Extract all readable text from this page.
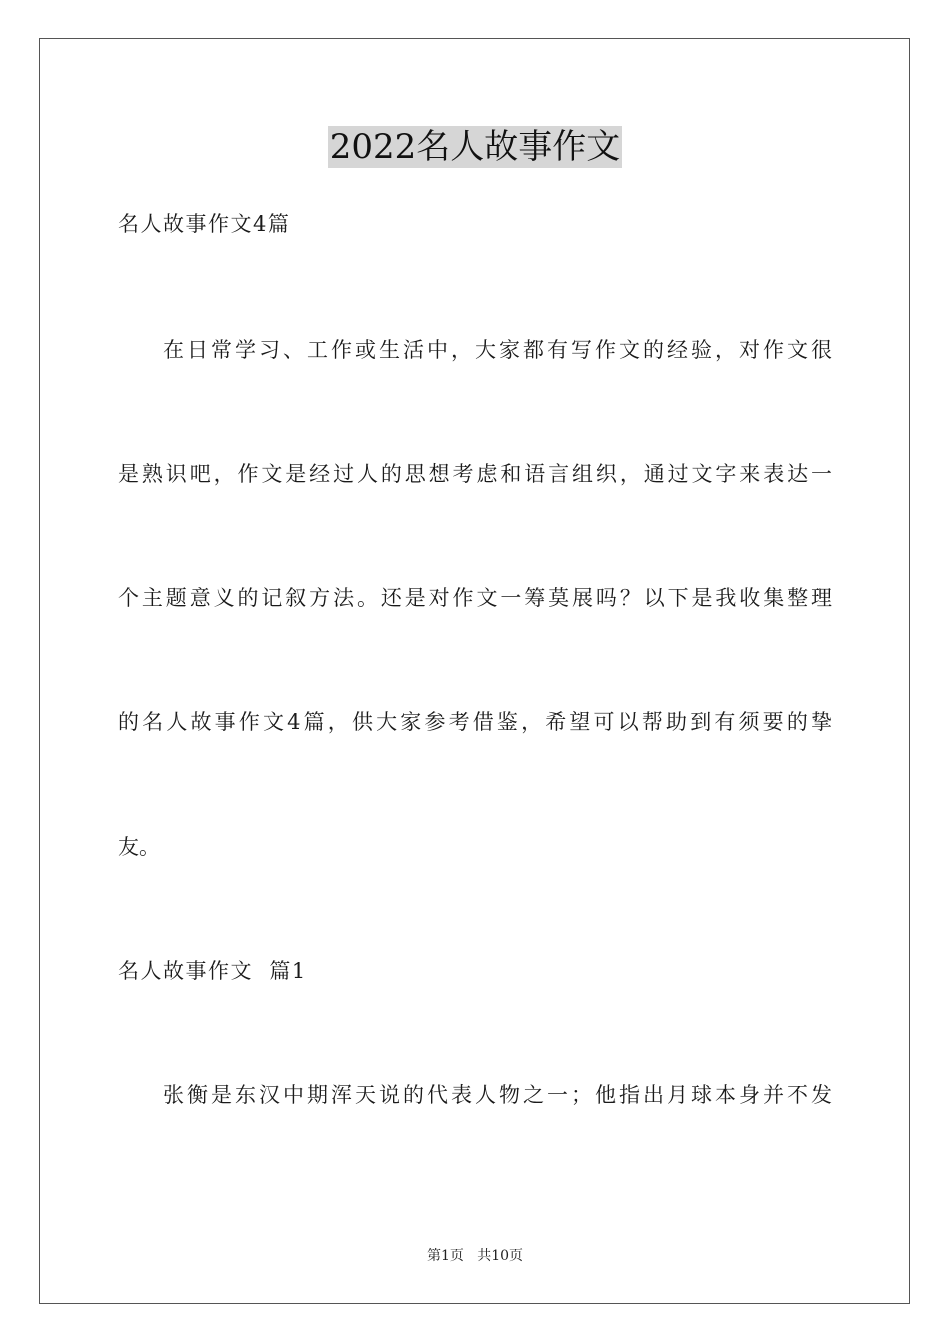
2022名人故事作文
名人故事作文4篇
在日常学习、工作或生活中，大家都有写作文的经验，对作文很
是熟识吧，作文是经过人的思想考虑和语言组织，通过文字来表达一
个主题意义的记叙方法。还是对作文一筹莫展吗？以下是我收集整理
的名人故事作文4篇，供大家参考借鉴，希望可以帮助到有须要的挚
友。
名人故事作文  篇1
张衡是东汉中期浑天说的代表人物之一；他指出月球本身并不发
第1页   共10页
